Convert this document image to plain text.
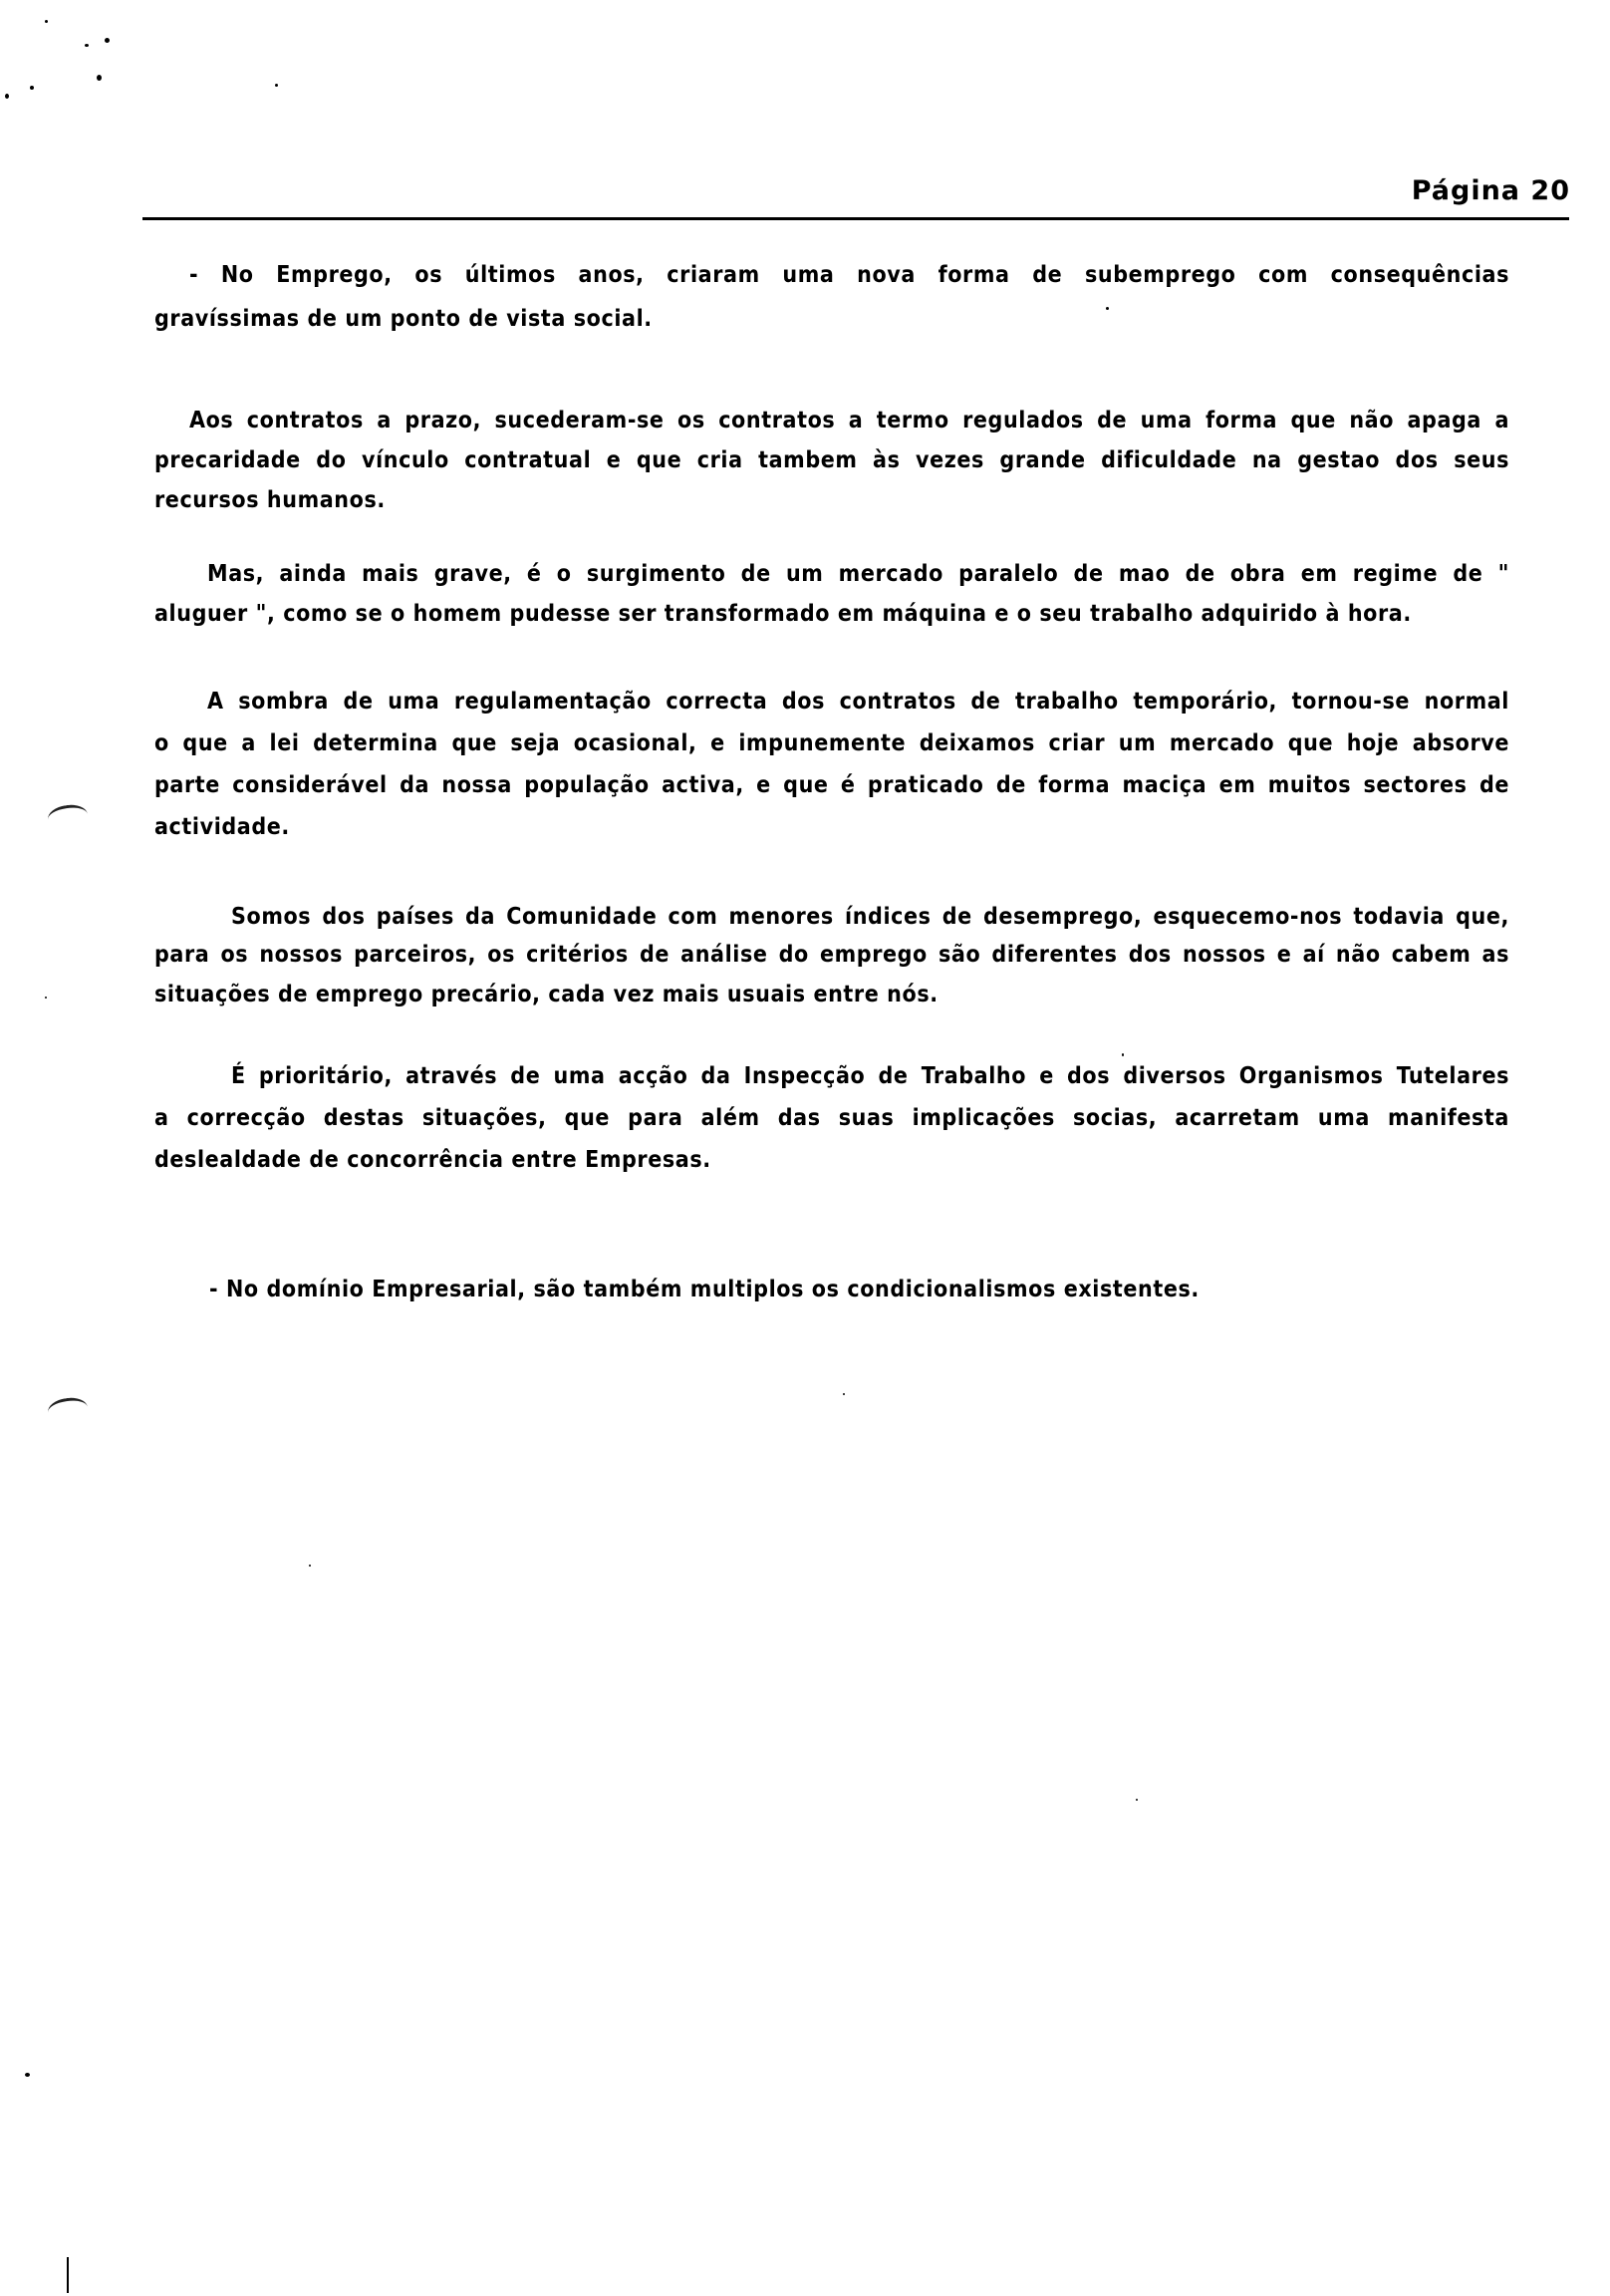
Página 20
- No Emprego, os últimos anos, criaram uma nova forma de subemprego com consequências
gravíssimas de um ponto de vista social.
Aos contratos a prazo, sucederam-se os contratos a termo regulados de uma forma que não apaga a
precaridade do vínculo contratual e que cria tambem às vezes grande dificuldade na gestao dos seus
recursos humanos.
Mas, ainda mais grave, é o surgimento de um mercado paralelo de mao de obra em regime de "
aluguer ", como se o homem pudesse ser transformado em máquina e o seu trabalho adquirido à hora.
A sombra de uma regulamentação correcta dos contratos de trabalho temporário, tornou-se normal
o que a lei determina que seja ocasional, e impunemente deixamos criar um mercado que hoje absorve
parte considerável da nossa população activa, e que é praticado de forma maciça em muitos sectores de
actividade.
Somos dos países da Comunidade com menores índices de desemprego, esquecemo-nos todavia que,
para os nossos parceiros, os critérios de análise do emprego são diferentes dos nossos e aí não cabem as
situações de emprego precário, cada vez mais usuais entre nós.
É prioritário, através de uma acção da Inspecção de Trabalho e dos diversos Organismos Tutelares
a correcção destas situações, que para além das suas implicações socias, acarretam uma manifesta
deslealdade de concorrência entre Empresas.
- No domínio Empresarial, são também multiplos os condicionalismos existentes.
